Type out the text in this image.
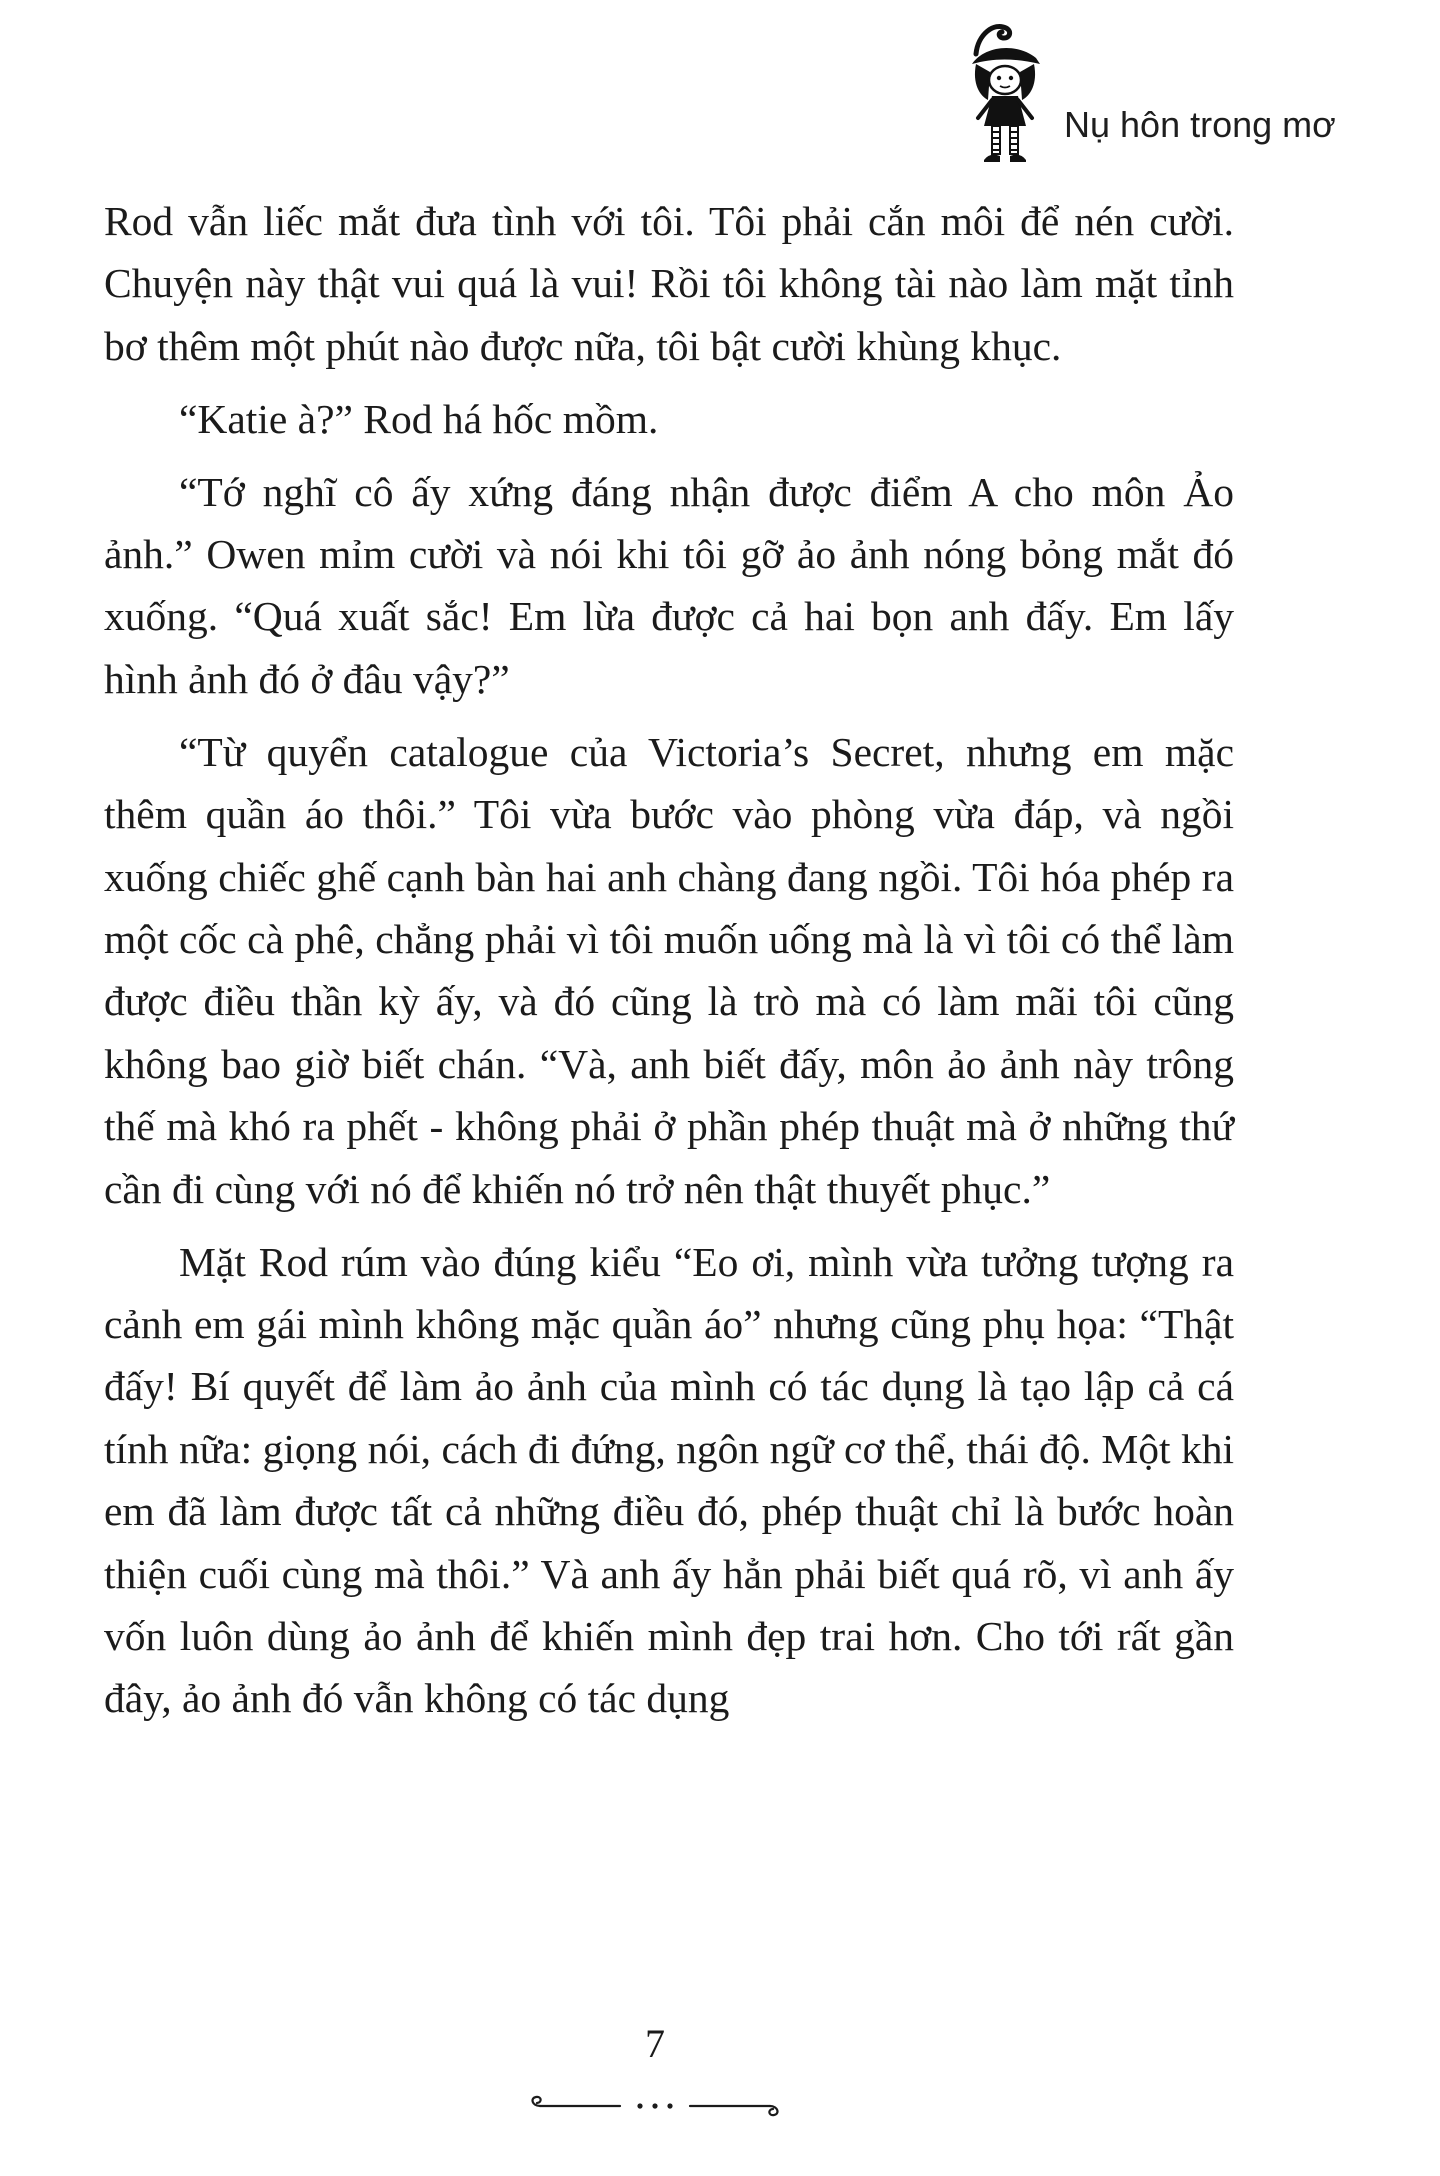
Nụ hôn trong mơ

Rod vẫn liếc mắt đưa tình với tôi. Tôi phải cắn môi để nén cười. Chuyện này thật vui quá là vui! Rồi tôi không tài nào làm mặt tỉnh bơ thêm một phút nào được nữa, tôi bật cười khùng khục.

“Katie à?” Rod há hốc mồm.

“Tớ nghĩ cô ấy xứng đáng nhận được điểm A cho môn Ảo ảnh.” Owen mỉm cười và nói khi tôi gỡ ảo ảnh nóng bỏng mắt đó xuống. “Quá xuất sắc! Em lừa được cả hai bọn anh đấy. Em lấy hình ảnh đó ở đâu vậy?”

“Từ quyển catalogue của Victoria’s Secret, nhưng em mặc thêm quần áo thôi.” Tôi vừa bước vào phòng vừa đáp, và ngồi xuống chiếc ghế cạnh bàn hai anh chàng đang ngồi. Tôi hóa phép ra một cốc cà phê, chẳng phải vì tôi muốn uống mà là vì tôi có thể làm được điều thần kỳ ấy, và đó cũng là trò mà có làm mãi tôi cũng không bao giờ biết chán. “Và, anh biết đấy, môn ảo ảnh này trông thế mà khó ra phết - không phải ở phần phép thuật mà ở những thứ cần đi cùng với nó để khiến nó trở nên thật thuyết phục.”

Mặt Rod rúm vào đúng kiểu “Eo ơi, mình vừa tưởng tượng ra cảnh em gái mình không mặc quần áo” nhưng cũng phụ họa: “Thật đấy! Bí quyết để làm ảo ảnh của mình có tác dụng là tạo lập cả cá tính nữa: giọng nói, cách đi đứng, ngôn ngữ cơ thể, thái độ. Một khi em đã làm được tất cả những điều đó, phép thuật chỉ là bước hoàn thiện cuối cùng mà thôi.” Và anh ấy hẳn phải biết quá rõ, vì anh ấy vốn luôn dùng ảo ảnh để khiến mình đẹp trai hơn. Cho tới rất gần đây, ảo ảnh đó vẫn không có tác dụng

7
